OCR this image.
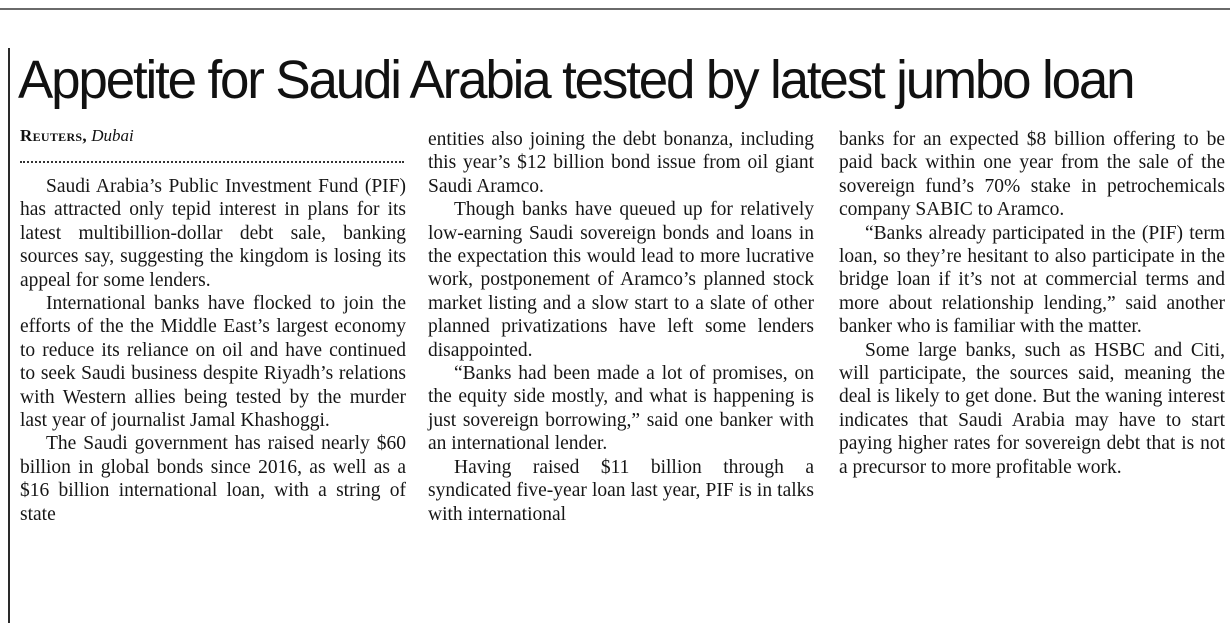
Appetite for Saudi Arabia tested by latest jumbo loan
Reuters, Dubai

Saudi Arabia’s Public Investment Fund (PIF) has attracted only tepid interest in plans for its latest multibillion-dollar debt sale, banking sources say, suggesting the kingdom is losing its appeal for some lenders.

International banks have flocked to join the efforts of the the Middle East’s largest economy to reduce its reliance on oil and have continued to seek Saudi business despite Riyadh’s relations with Western allies being tested by the murder last year of journalist Jamal Khashoggi.

The Saudi government has raised nearly $60 billion in global bonds since 2016, as well as a $16 billion international loan, with a string of state

entities also joining the debt bonanza, including this year’s $12 billion bond issue from oil giant Saudi Aramco.

Though banks have queued up for relatively low-earning Saudi sovereign bonds and loans in the expectation this would lead to more lucrative work, postponement of Aramco’s planned stock market listing and a slow start to a slate of other planned privatizations have left some lenders disappointed.

“Banks had been made a lot of promises, on the equity side mostly, and what is happening is just sovereign borrowing,” said one banker with an international lender.

Having raised $11 billion through a syndicated five-year loan last year, PIF is in talks with international

banks for an expected $8 billion offering to be paid back within one year from the sale of the sovereign fund’s 70% stake in petrochemicals company SABIC to Aramco.

“Banks already participated in the (PIF) term loan, so they’re hesitant to also participate in the bridge loan if it’s not at commercial terms and more about relationship lending,” said another banker who is familiar with the matter.

Some large banks, such as HSBC and Citi, will participate, the sources said, meaning the deal is likely to get done. But the waning interest indicates that Saudi Arabia may have to start paying higher rates for sovereign debt that is not a precursor to more profitable work.
